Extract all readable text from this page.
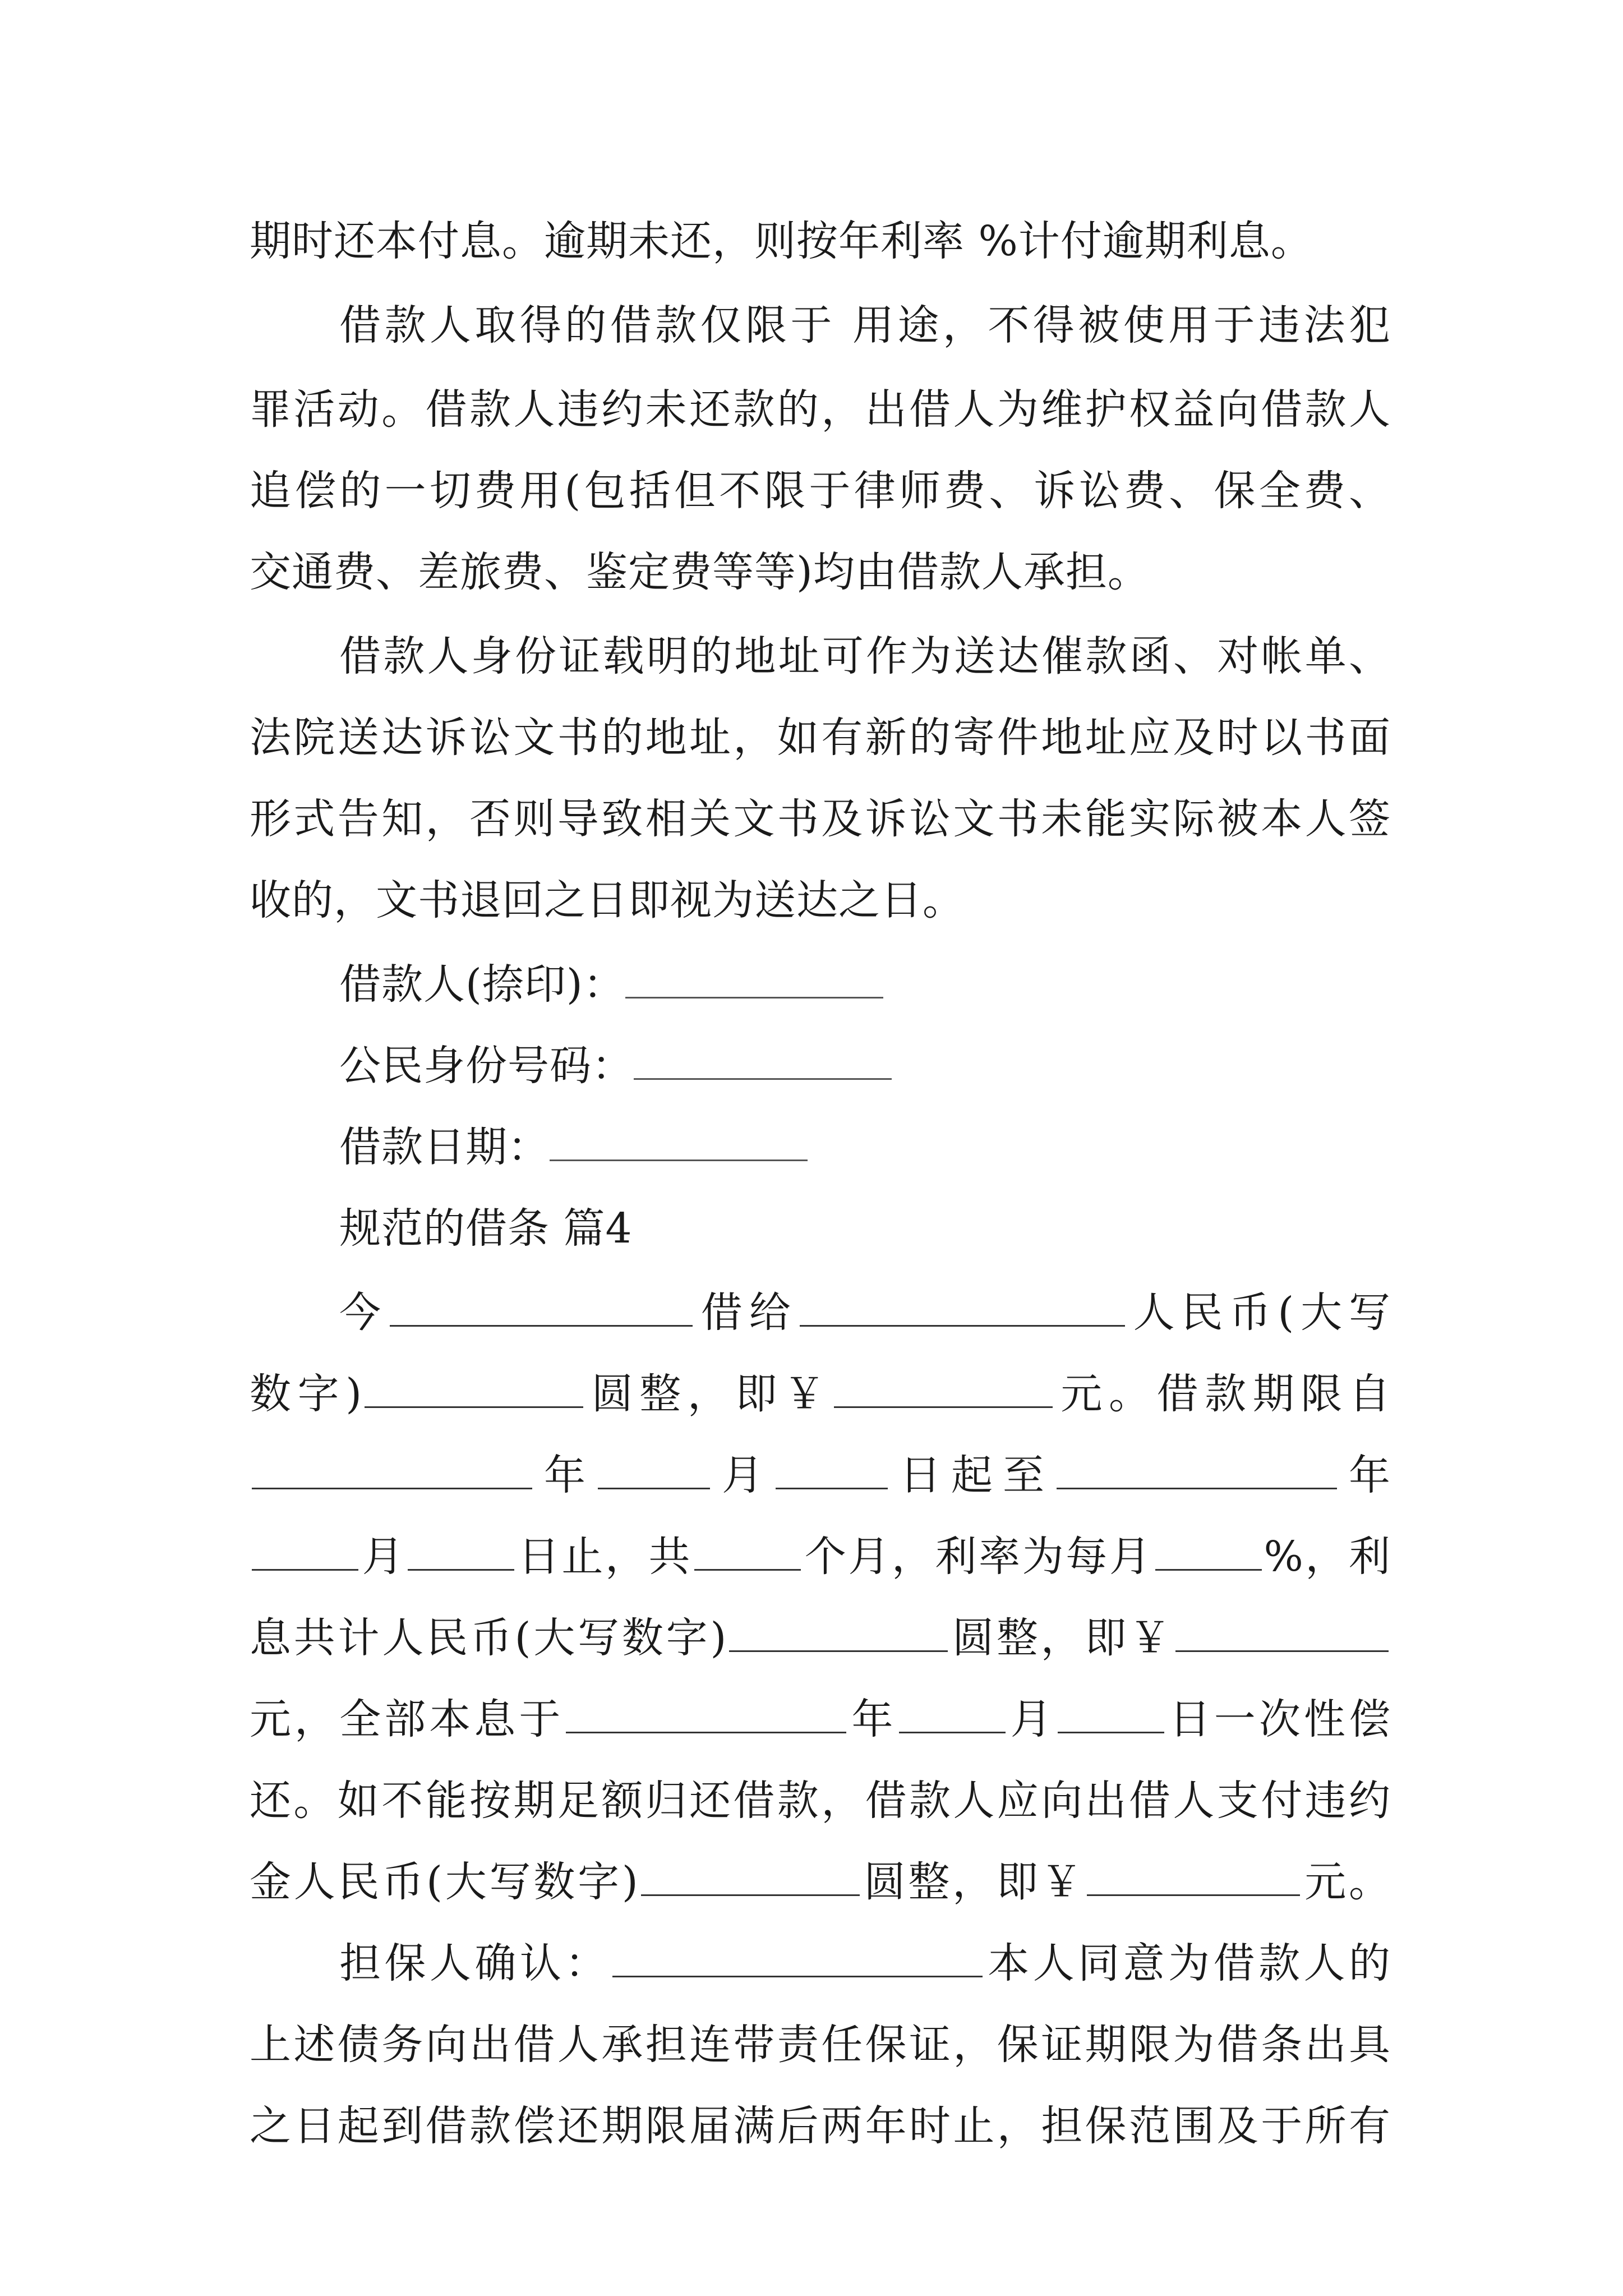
期时还本付息。逾期未还，则按年利率 %计付逾期利息。
借款人取得的借款仅限于 用途，不得被使用于违法犯
罪活动。借款人违约未还款的，出借人为维护权益向借款人
追偿的一切费用(包括但不限于律师费、诉讼费、保全费、
交通费、差旅费、鉴定费等等)均由借款人承担。
借款人身份证载明的地址可作为送达催款函、对帐单、
法院送达诉讼文书的地址，如有新的寄件地址应及时以书面
形式告知，否则导致相关文书及诉讼文书未能实际被本人签
收的，文书退回之日即视为送达之日。
借款人(捺印)：
公民身份号码：
借款日期：
规范的借条 篇4
今	借给	人民币(大写
数字)	圆整，即￥	元。借款期限自
年	月	日起至	年
月	日止，共	个月，利率为每月	%，利
息共计人民币(大写数字)	圆整，即￥
元，全部本息于	年	月	日一次性偿
还。如不能按期足额归还借款，借款人应向出借人支付违约
金人民币(大写数字)	圆整，即￥	元。
担保人确认：	本人同意为借款人的
上述债务向出借人承担连带责任保证，保证期限为借条出具
之日起到借款偿还期限届满后两年时止，担保范围及于所有
